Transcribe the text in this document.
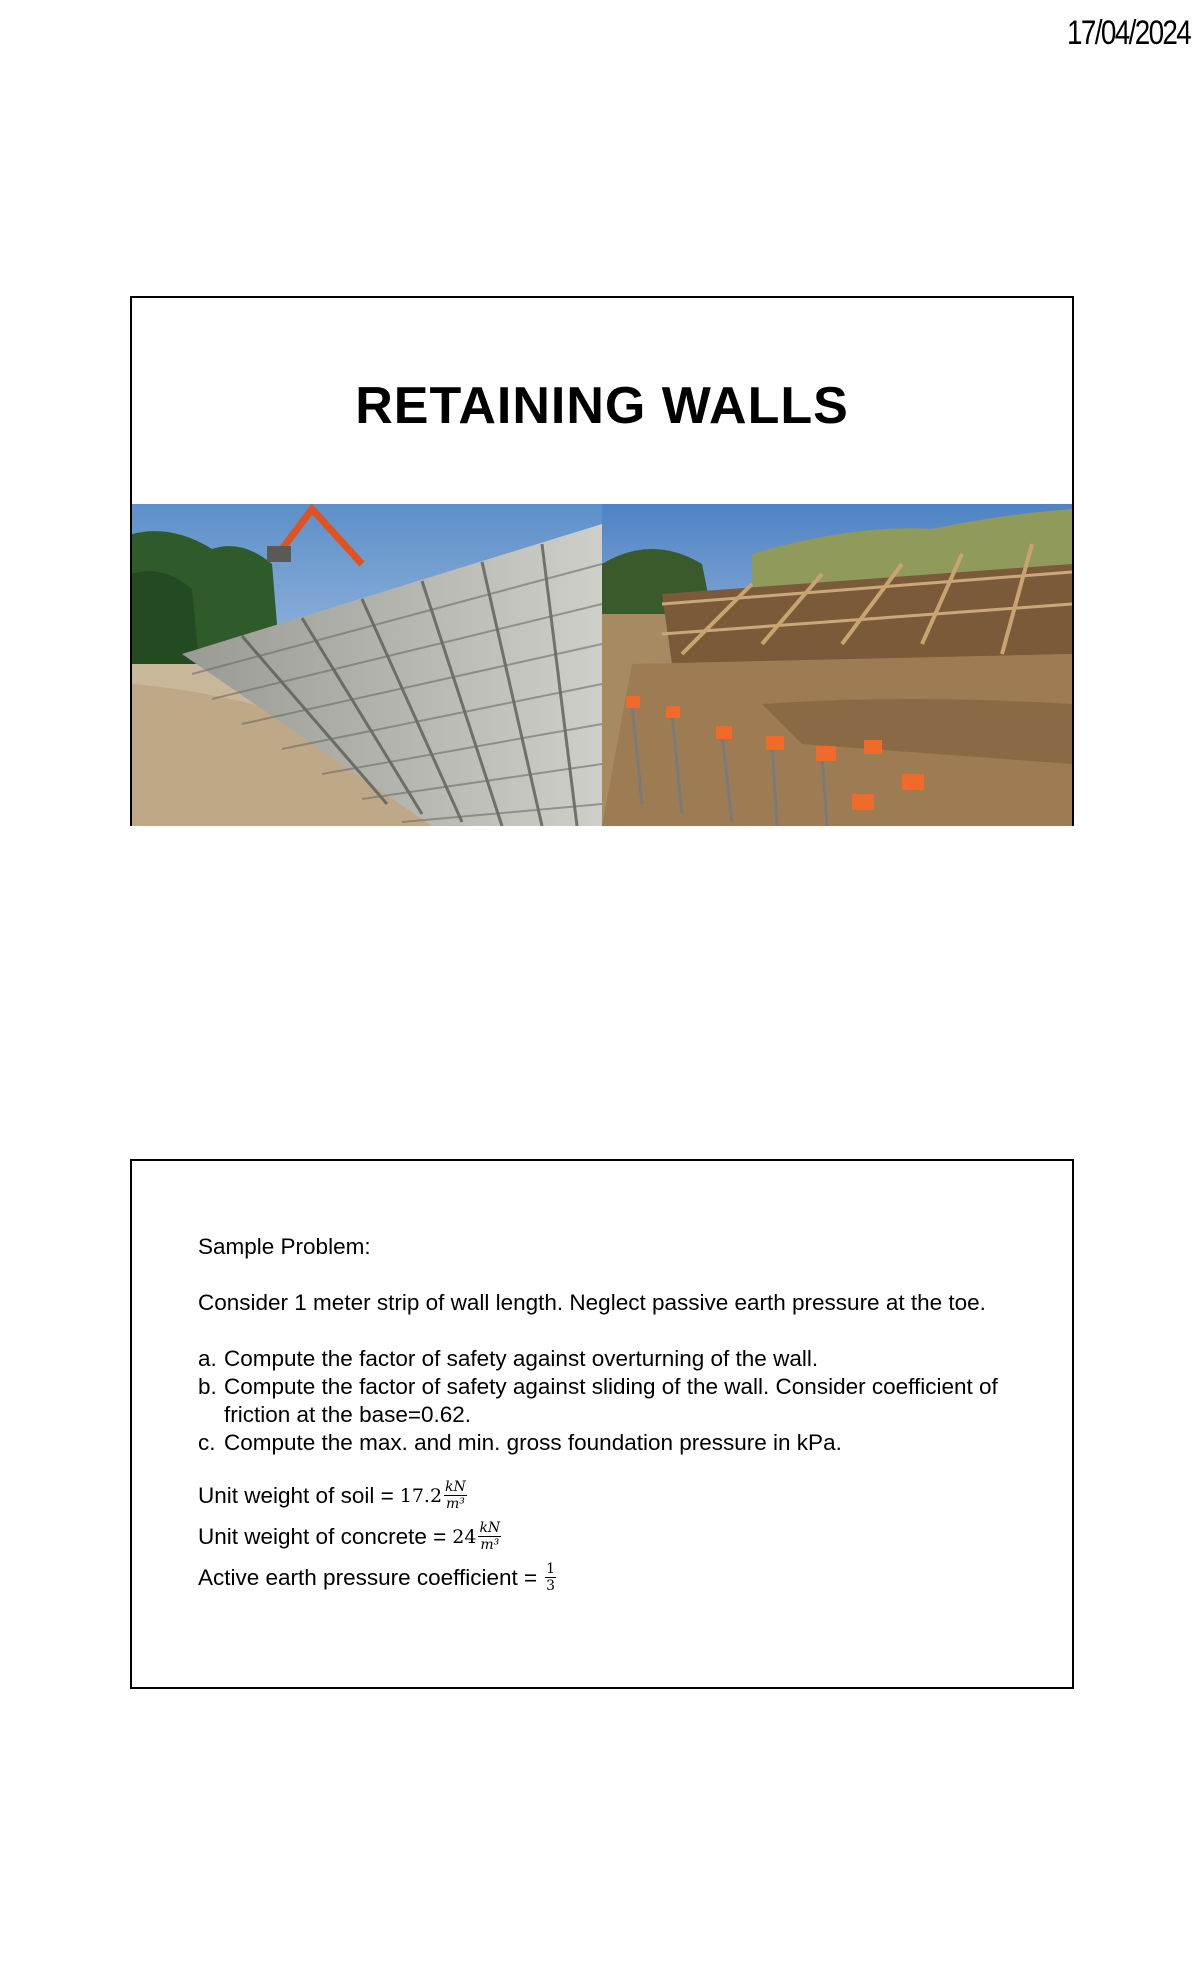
17/04/2024
RETAINING WALLS

Sample Problem:

Consider 1 meter strip of wall length. Neglect passive earth pressure at the toe.

a. Compute the factor of safety against overturning of the wall.
b. Compute the factor of safety against sliding of the wall. Consider coefficient of friction at the base=0.62.
c. Compute the max. and min. gross foundation pressure in kPa.
Unit weight of soil = $17.2 \frac{kN}{\text{m³}}$
Unit weight of concrete = $24 \frac{kN}{\text{m³}}$
Active earth pressure coefficient = $\frac{1}{3}$
